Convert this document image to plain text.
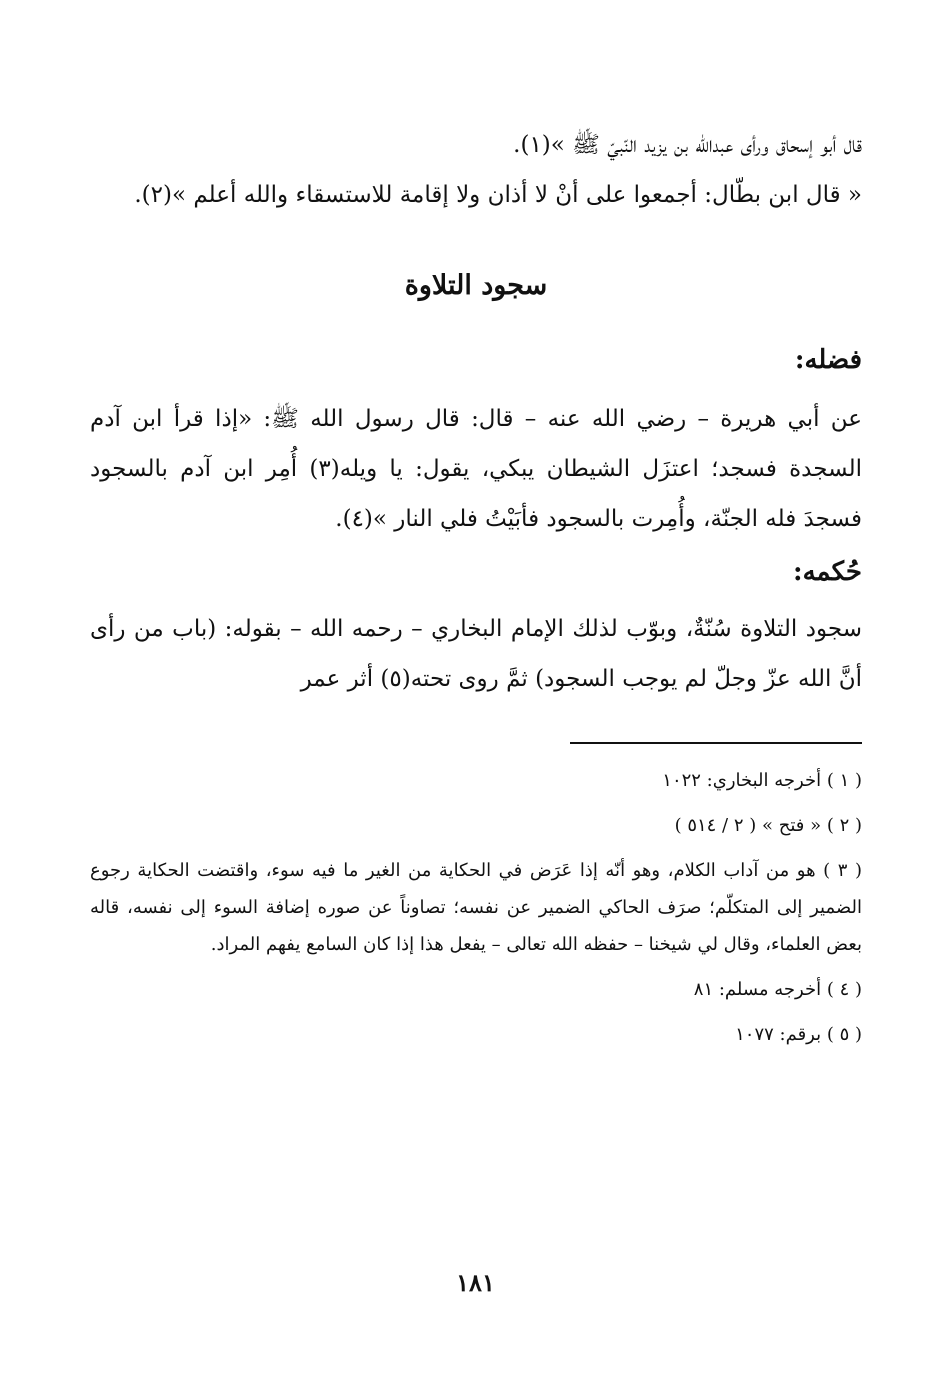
قال أبو إسحاق ورأى عبدالله بن يزيد النّبيّ ﷺ »(١).

« قال ابن بطّال: أجمعوا على أنْ لا أذان ولا إقامة للاستسقاء والله أعلم »(٢).

سجود التلاوة
فضله:

عن أبي هريرة – رضي الله عنه – قال: قال رسول الله ﷺ: «إذا قرأ ابن آدم السجدة فسجد؛ اعتزَل الشيطان يبكي، يقول: يا ويله(٣) أُمِر ابن آدم بالسجود فسجدَ فله الجنّة، وأُمِرت بالسجود فأبَيْتُ فلي النار »(٤).

حُكمه:

سجود التلاوة سُنّةٌ، وبوّب لذلك الإمام البخاري – رحمه الله – بقوله: (باب من رأى أنَّ الله عزّ وجلّ لم يوجب السجود) ثمَّ روى تحته(٥) أثر عمر

( ١ ) أخرجه البخاري: ١٠٢٢

( ٢ ) « فتح » ( ٢ / ٥١٤ )

( ٣ ) هو من آداب الكلام، وهو أنّه إذا عَرَض في الحكاية من الغير ما فيه سوء، واقتضت الحكاية رجوع الضمير إلى المتكلّم؛ صرَف الحاكي الضمير عن نفسه؛ تصاوناً عن صوره إضافة السوء إلى نفسه، قاله بعض العلماء، وقال لي شيخنا – حفظه الله تعالى – يفعل هذا إذا كان السامع يفهم المراد.

( ٤ ) أخرجه مسلم: ٨١

( ٥ ) برقم: ١٠٧٧

١٨١
